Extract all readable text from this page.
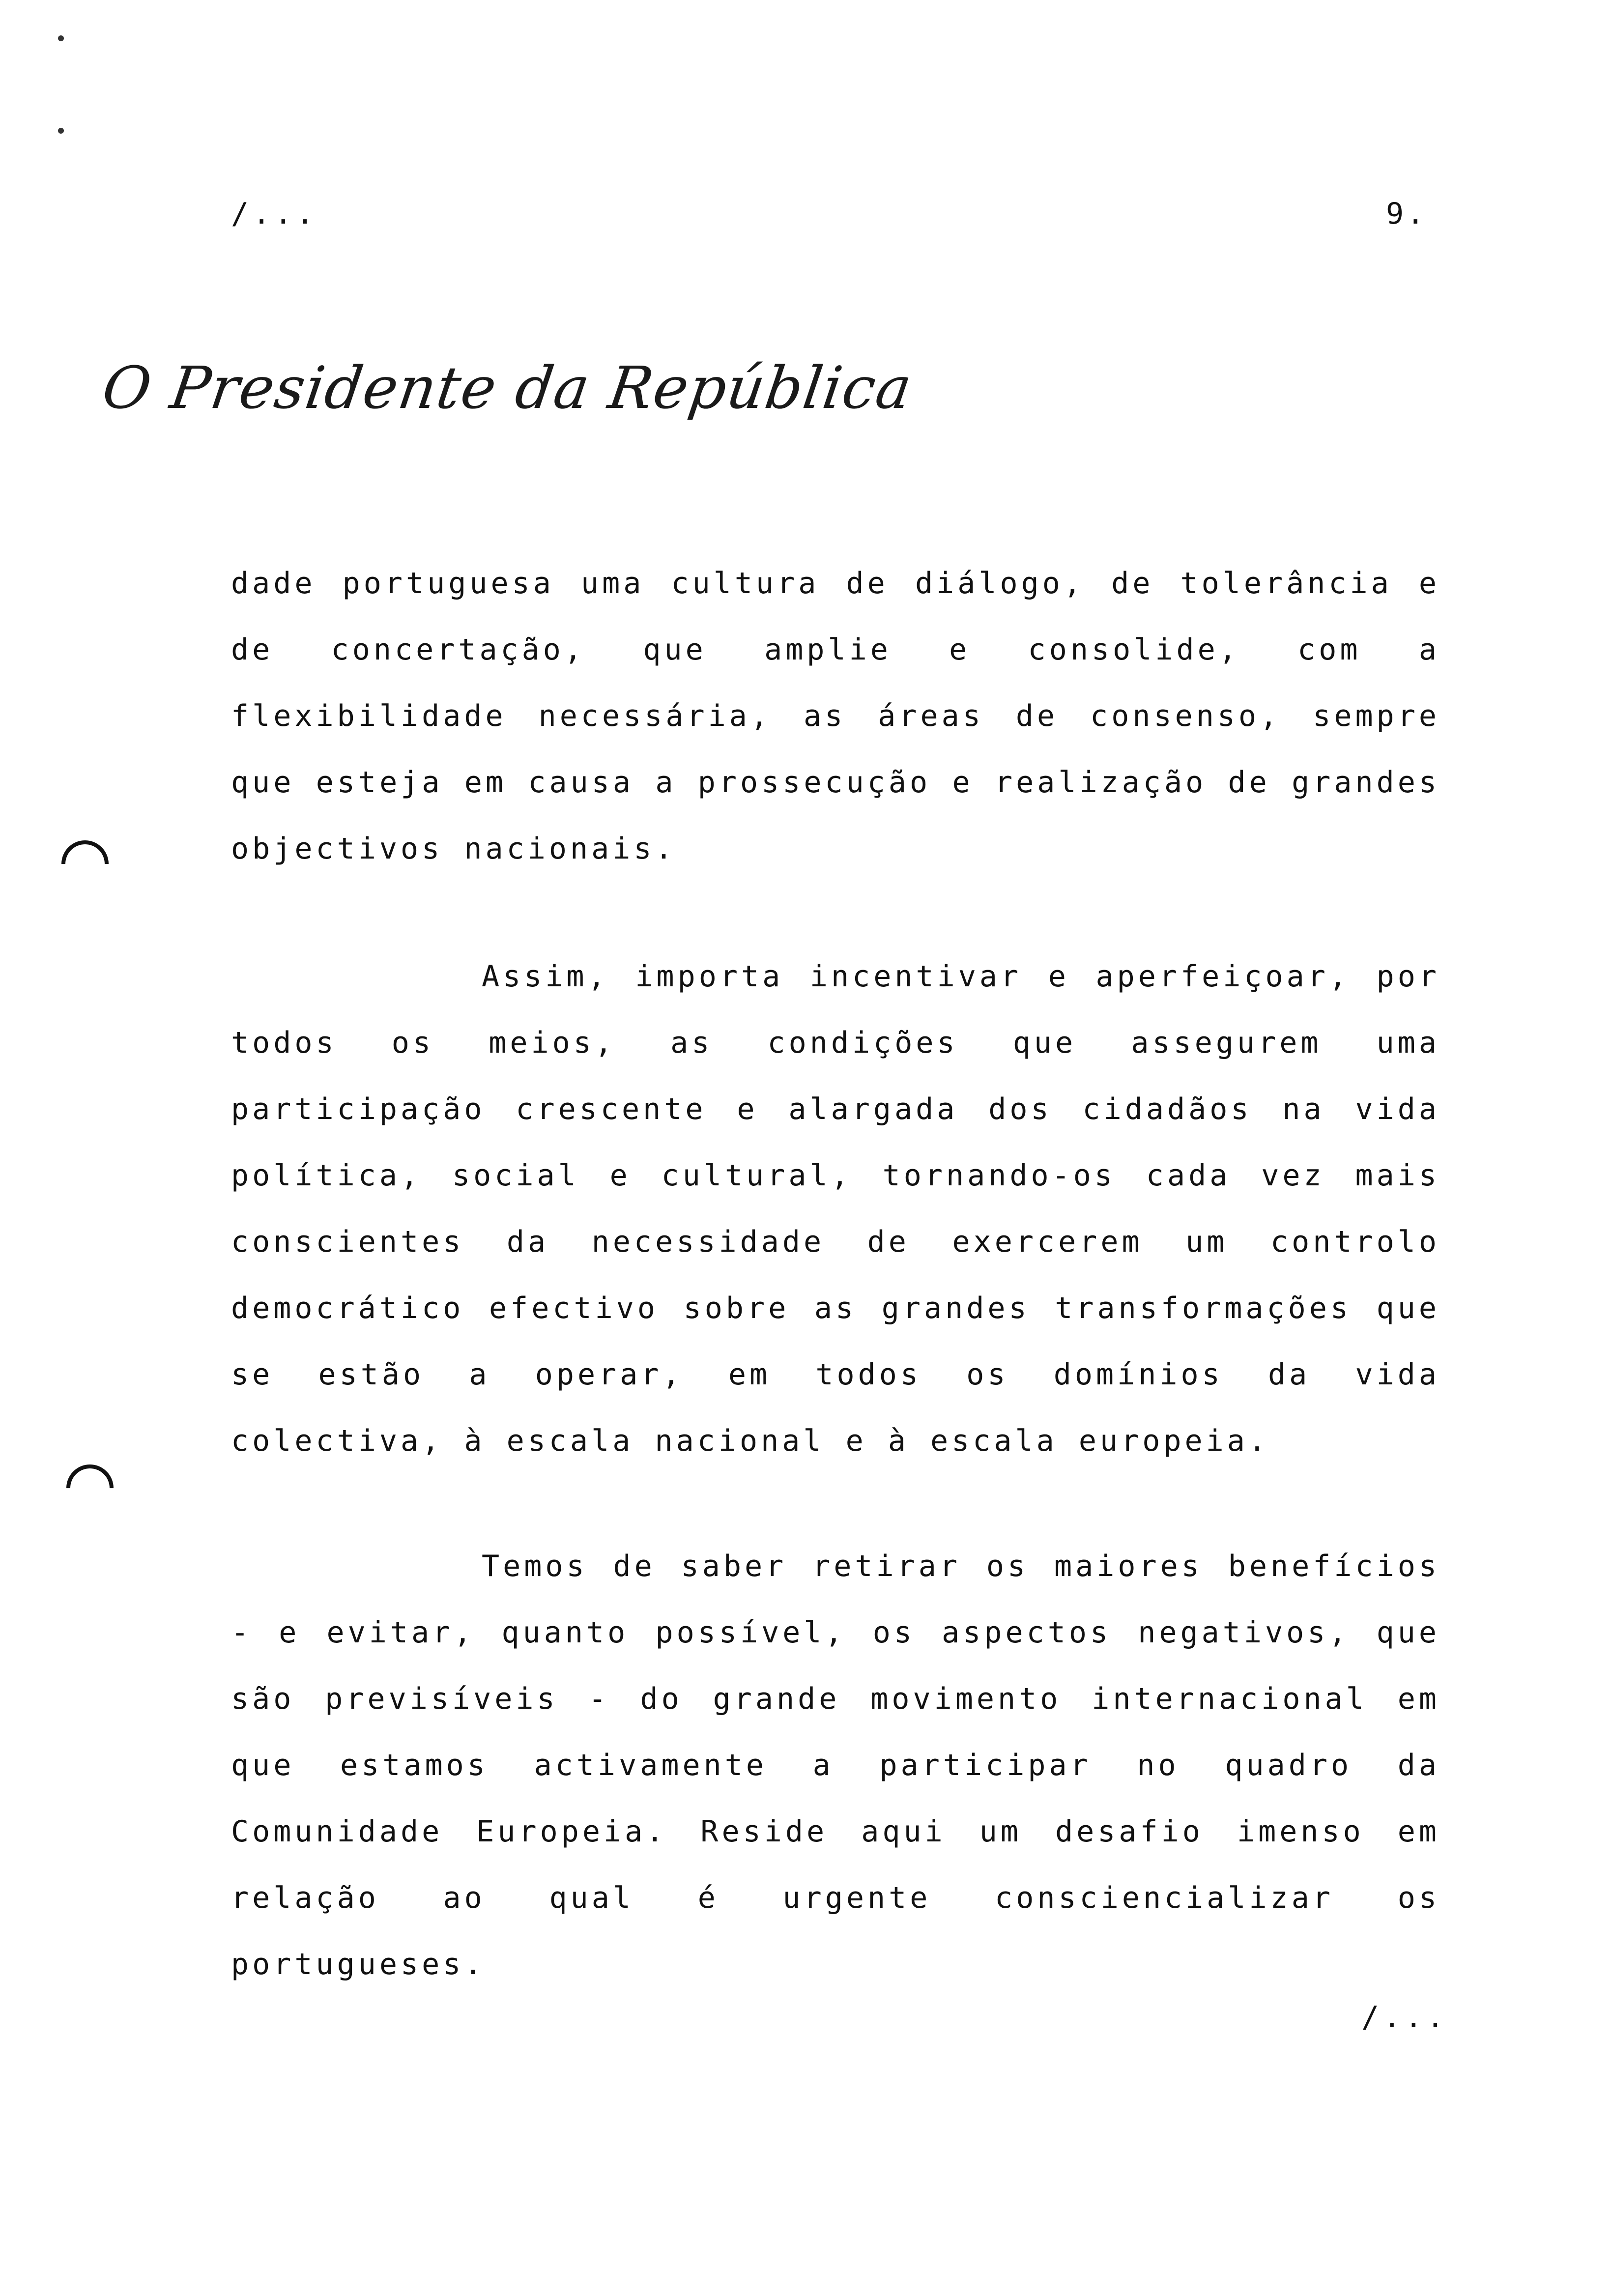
/...	9.
O Presidente da República
dade portuguesa uma cultura de diálogo, de tolerância e de concertação, que amplie e consolide, com a flexibilidade necessária, as áreas de consenso, sempre que esteja em causa a prossecução e realização de grandes objectivos nacionais.
Assim, importa incentivar e aperfeiçoar, por todos os meios, as condições que assegurem uma participação crescente e alargada dos cidadãos na vida política, social e cultural, tornando-os cada vez mais conscientes da necessidade de exercerem um controlo democrático efectivo sobre as grandes transformações que se estão a operar, em todos os domínios da vida colectiva, à escala nacional e à escala europeia.
Temos de saber retirar os maiores benefícios - e evitar, quanto possível, os aspectos negativos, que são previsíveis - do grande movimento internacional em que estamos activamente a participar no quadro da Comunidade Europeia. Reside aqui um desafio imenso em relação ao qual é urgente consciencializar os portugueses.
/...
